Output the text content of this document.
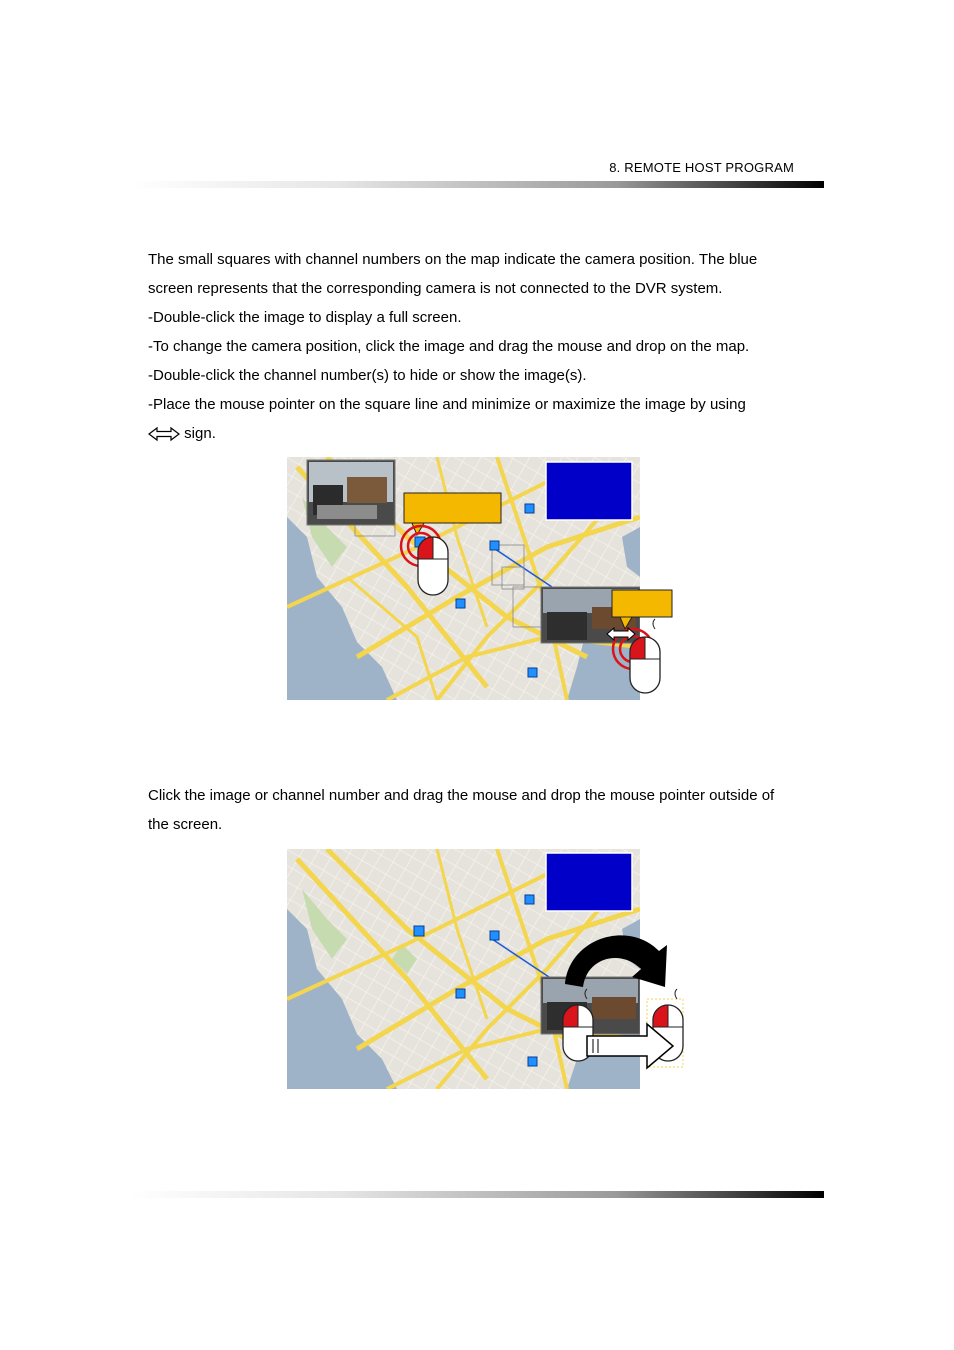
8. REMOTE HOST PROGRAM
The small squares with channel numbers on the map indicate the camera position. The blue
screen represents that the corresponding camera is not connected to the DVR system.
-Double-click the image to display a full screen.
-To change the camera position, click the image and drag the mouse and drop on the map.
-Double-click the channel number(s) to hide or show the image(s).
-Place the mouse pointer on the square line and minimize or maximize the image by using
sign.
Click the image or channel number and drag the mouse and drop the mouse pointer outside of
the screen.
